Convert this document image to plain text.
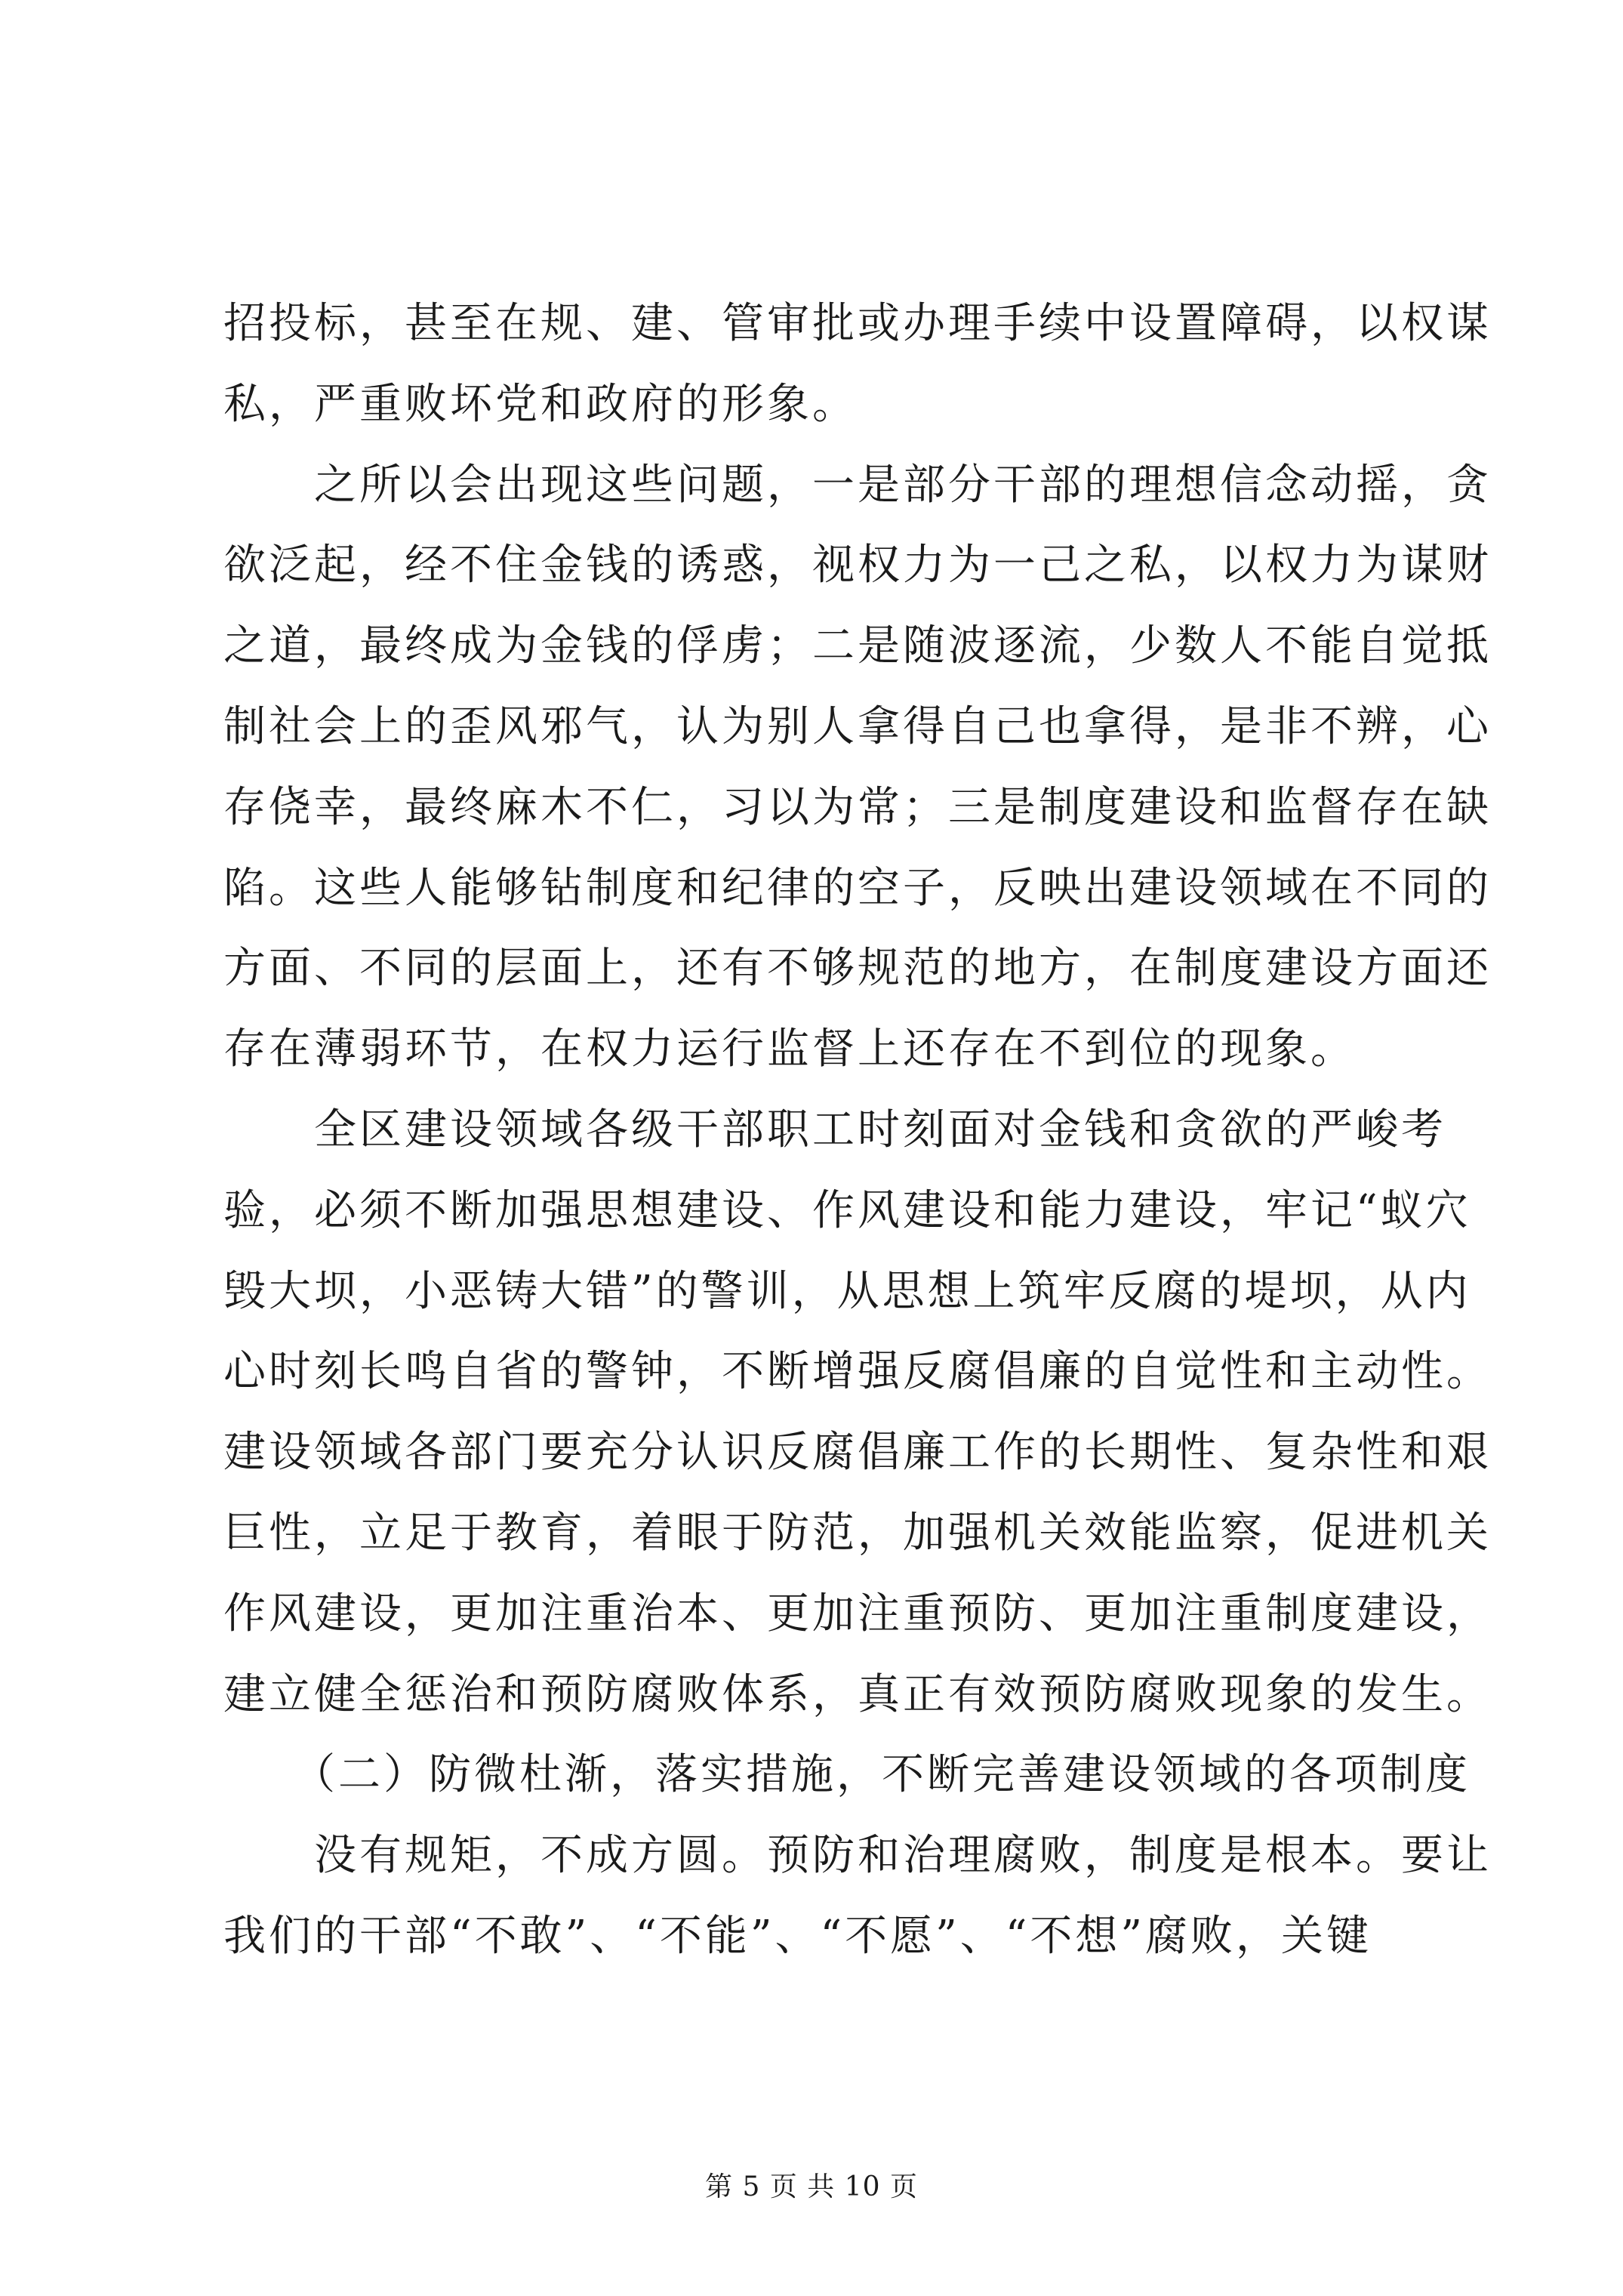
招投标，甚至在规、建、管审批或办理手续中设置障碍，以权谋
私，严重败坏党和政府的形象。
　　之所以会出现这些问题，一是部分干部的理想信念动摇，贪
欲泛起，经不住金钱的诱惑，视权力为一己之私，以权力为谋财
之道，最终成为金钱的俘虏；二是随波逐流，少数人不能自觉抵
制社会上的歪风邪气，认为别人拿得自己也拿得，是非不辨，心
存侥幸，最终麻木不仁，习以为常；三是制度建设和监督存在缺
陷。这些人能够钻制度和纪律的空子，反映出建设领域在不同的
方面、不同的层面上，还有不够规范的地方，在制度建设方面还
存在薄弱环节，在权力运行监督上还存在不到位的现象。
　　全区建设领域各级干部职工时刻面对金钱和贪欲的严峻考
验，必须不断加强思想建设、作风建设和能力建设，牢记“蚁穴
毁大坝，小恶铸大错”的警训，从思想上筑牢反腐的堤坝，从内
心时刻长鸣自省的警钟，不断增强反腐倡廉的自觉性和主动性。
建设领域各部门要充分认识反腐倡廉工作的长期性、复杂性和艰
巨性，立足于教育，着眼于防范，加强机关效能监察，促进机关
作风建设，更加注重治本、更加注重预防、更加注重制度建设，
建立健全惩治和预防腐败体系，真正有效预防腐败现象的发生。
　　（二）防微杜渐，落实措施，不断完善建设领域的各项制度
　　没有规矩，不成方圆。预防和治理腐败，制度是根本。要让
我们的干部“不敢”、“不能”、“不愿”、“不想”腐败，关键
第 5 页 共 10 页
